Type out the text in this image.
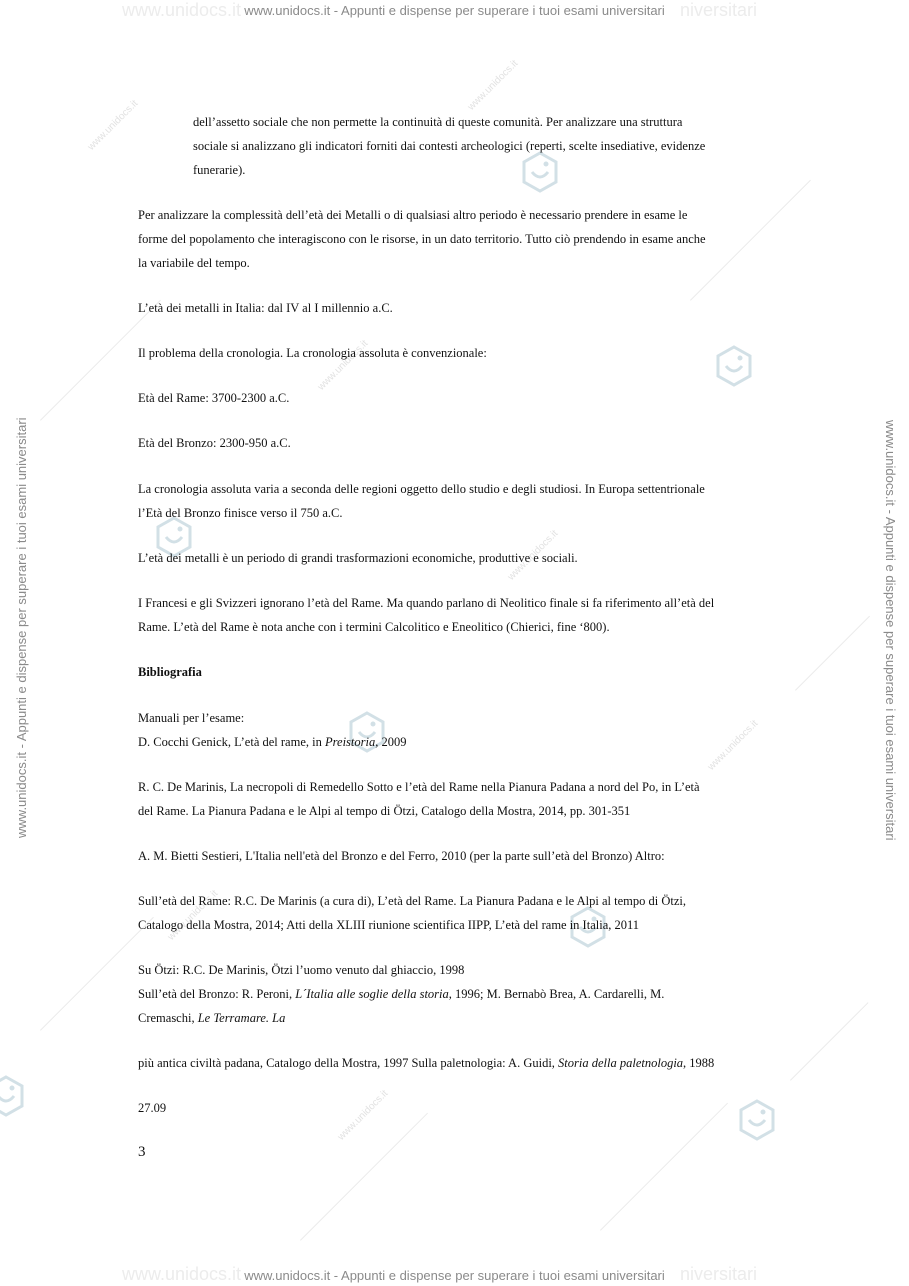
www.unidocs.it
www.unidocs.it
www.unidocs.it
www.unidocs.it
www.unidocs.it
www.unidocs.it
www.unidocs.it
www.unidocs.it	niversitari
www.unidocs.it - Appunti e dispense per superare i tuoi esami universitari
www.unidocs.it	niversitari
www.unidocs.it - Appunti e dispense per superare i tuoi esami universitari
www.unidocs.it - Appunti e dispense per superare i tuoi esami universitari	www.unidocs.it - Appunti e dispense per superare i tuoi esami universitari

dell’assetto sociale che non permette la continuità di queste comunità. Per analizzare una struttura
sociale si analizzano gli indicatori forniti dai contesti archeologici (reperti, scelte insediative, evidenze
funerarie).

Per analizzare la complessità dell’età dei Metalli o di qualsiasi altro periodo è necessario prendere in esame le
forme del popolamento che interagiscono con le risorse, in un dato territorio. Tutto ciò prendendo in esame anche
la variabile del tempo.

L’età dei metalli in Italia: dal IV al I millennio a.C.

Il problema della cronologia. La cronologia assoluta è convenzionale:

Età del Rame: 3700-2300 a.C.

Età del Bronzo: 2300-950 a.C.

La cronologia assoluta varia a seconda delle regioni oggetto dello studio e degli studiosi. In Europa settentrionale
l’Età del Bronzo finisce verso il 750 a.C.

L’età dei metalli è un periodo di grandi trasformazioni economiche, produttive e sociali.

I Francesi e gli Svizzeri ignorano l’età del Rame. Ma quando parlano di Neolitico finale si fa riferimento all’età del
Rame. L’età del Rame è nota anche con i termini Calcolitico e Eneolitico (Chierici, fine ‘800).

Bibliografia

Manuali per l’esame:
D. Cocchi Genick, L’età del rame, in Preistoria, 2009

R. C. De Marinis, La necropoli di Remedello Sotto e l’età del Rame nella Pianura Padana a nord del Po, in L’età
del Rame. La Pianura Padana e le Alpi al tempo di Ötzi, Catalogo della Mostra, 2014, pp. 301-351

A. M. Bietti Sestieri, L'Italia nell'età del Bronzo e del Ferro, 2010 (per la parte sull’età del Bronzo) Altro:

Sull’età del Rame: R.C. De Marinis (a cura di), L’età del Rame. La Pianura Padana e le Alpi al tempo di Ötzi,
Catalogo della Mostra, 2014; Atti della XLIII riunione scientifica IIPP, L’età del rame in Italia, 2011

Su Ötzi: R.C. De Marinis, Ötzi l’uomo venuto dal ghiaccio, 1998
Sull’età del Bronzo: R. Peroni, L´Italia alle soglie della storia, 1996; M. Bernabò Brea, A. Cardarelli, M.
Cremaschi, Le Terramare. La

più antica civiltà padana, Catalogo della Mostra, 1997 Sulla paletnologia: A. Guidi, Storia della paletnologia, 1988

27.09

3
